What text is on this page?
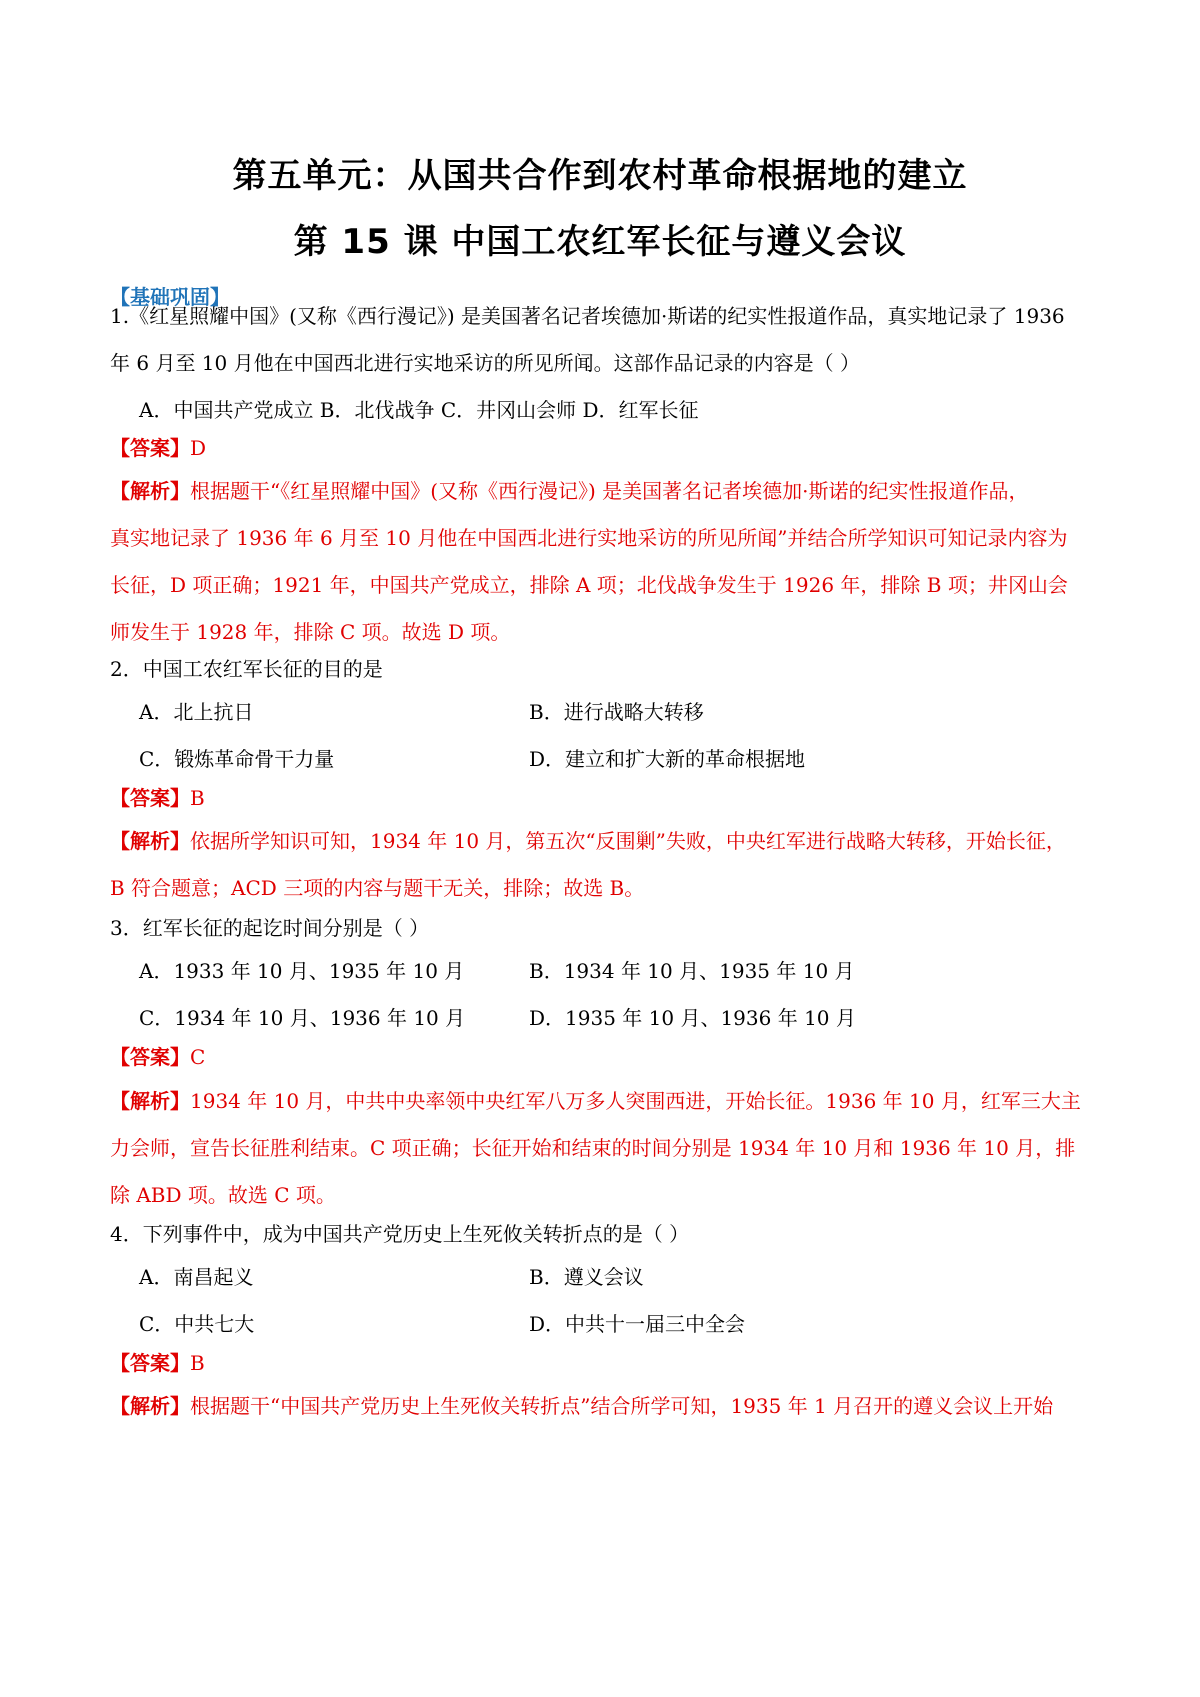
第五单元：从国共合作到农村革命根据地的建立
第 15 课 中国工农红军长征与遵义会议
【基础巩固】
1.《红星照耀中国》(又称《西行漫记》) 是美国著名记者埃德加·斯诺的纪实性报道作品，真实地记录了 1936
年 6 月至 10 月他在中国西北进行实地采访的所见所闻。这部作品记录的内容是（ ）
A．中国共产党成立 B．北伐战争 C．井冈山会师 D．红军长征
【答案】D
【解析】根据题干“《红星照耀中国》(又称《西行漫记》) 是美国著名记者埃德加·斯诺的纪实性报道作品，
真实地记录了 1936 年 6 月至 10 月他在中国西北进行实地采访的所见所闻”并结合所学知识可知记录内容为
长征，D 项正确；1921 年，中国共产党成立，排除 A 项；北伐战争发生于 1926 年，排除 B 项；井冈山会
师发生于 1928 年，排除 C 项。故选 D 项。
2．中国工农红军长征的目的是
A．北上抗日	B．进行战略大转移
C．锻炼革命骨干力量	D．建立和扩大新的革命根据地
【答案】B
【解析】依据所学知识可知，1934 年 10 月，第五次“反围剿”失败，中央红军进行战略大转移，开始长征，
B 符合题意；ACD 三项的内容与题干无关，排除；故选 B。
3．红军长征的起讫时间分别是（ ）
A．1933 年 10 月、1935 年 10 月	B．1934 年 10 月、1935 年 10 月
C．1934 年 10 月、1936 年 10 月	D．1935 年 10 月、1936 年 10 月
【答案】C
【解析】1934 年 10 月，中共中央率领中央红军八万多人突围西进，开始长征。1936 年 10 月，红军三大主
力会师，宣告长征胜利结束。C 项正确；长征开始和结束的时间分别是 1934 年 10 月和 1936 年 10 月，排
除 ABD 项。故选 C 项。
4．下列事件中，成为中国共产党历史上生死攸关转折点的是（ ）
A．南昌起义	B．遵义会议
C．中共七大	D．中共十一届三中全会
【答案】B
【解析】根据题干“中国共产党历史上生死攸关转折点”结合所学可知，1935 年 1 月召开的遵义会议上开始
